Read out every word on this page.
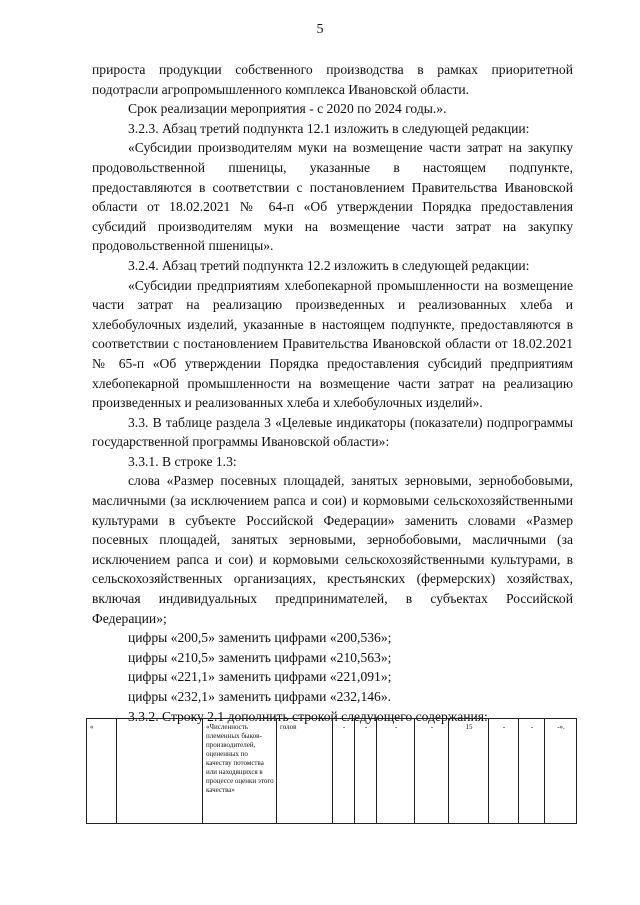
5

прироста продукции собственного производства в рамках приоритетной подотрасли агропромышленного комплекса Ивановской области.

Срок реализации мероприятия - с 2020 по 2024 годы.».

3.2.3. Абзац третий подпункта 12.1 изложить в следующей редакции:

«Субсидии производителям муки на возмещение части затрат на закупку продовольственной пшеницы, указанные в настоящем подпункте, предоставляются в соответствии с постановлением Правительства Ивановской области от 18.02.2021 № 64-п «Об утверждении Порядка предоставления субсидий производителям муки на возмещение части затрат на закупку продовольственной пшеницы».

3.2.4. Абзац третий подпункта 12.2 изложить в следующей редакции:

«Субсидии предприятиям хлебопекарной промышленности на возмещение части затрат на реализацию произведенных и реализованных хлеба и хлебобулочных изделий, указанные в настоящем подпункте, предоставляются в соответствии с постановлением Правительства Ивановской области от 18.02.2021 № 65-п «Об утверждении Порядка предоставления субсидий предприятиям хлебопекарной промышленности на возмещение части затрат на реализацию произведенных и реализованных хлеба и хлебобулочных изделий».

3.3. В таблице раздела 3 «Целевые индикаторы (показатели) подпрограммы государственной программы Ивановской области»:

3.3.1. В строке 1.3:

слова «Размер посевных площадей, занятых зерновыми, зернобобовыми, масличными (за исключением рапса и сои) и кормовыми сельскохозяйственными культурами в субъекте Российской Федерации» заменить словами «Размер посевных площадей, занятых зерновыми, зернобобовыми, масличными (за исключением рапса и сои) и кормовыми сельскохозяйственными культурами, в сельскохозяйственных организациях, крестьянских (фермерских) хозяйствах, включая индивидуальных предпринимателей, в субъектах Российской Федерации»;

цифры «200,5» заменить цифрами «200,536»;

цифры «210,5» заменить цифрами «210,563»;

цифры «221,1» заменить цифрами «221,091»;

цифры «232,1» заменить цифрами «232,146».

3.3.2. Строку 2.1 дополнить строкой следующего содержания:

«		«Численность племенных быков-производителей, оцененных по качеству потомства или находящихся в процессе оценки этого качества»	голов	-	-	-	-	15	-	-	-».
